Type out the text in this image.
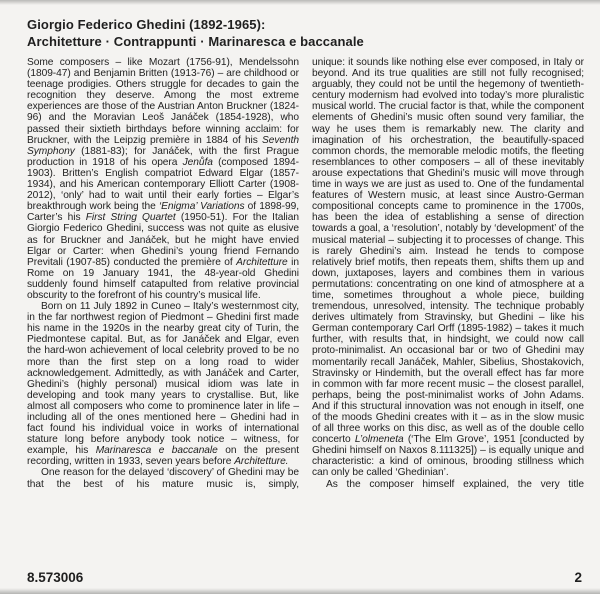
Giorgio Federico Ghedini (1892-1965):
Architetture · Contrappunti · Marinaresca e baccanale

Some composers – like Mozart (1756-91), Mendelssohn (1809-47) and Benjamin Britten (1913-76) – are childhood or teenage prodigies. Others struggle for decades to gain the recognition they deserve. Among the most extreme experiences are those of the Austrian Anton Bruckner (1824-96) and the Moravian Leoš Janáček (1854-1928), who passed their sixtieth birthdays before winning acclaim: for Bruckner, with the Leipzig première in 1884 of his Seventh Symphony (1881-83); for Janáček, with the first Prague production in 1918 of his opera Jenůfa (composed 1894-1903). Britten’s English compatriot Edward Elgar (1857-1934), and his American contemporary Elliott Carter (1908-2012), ‘only’ had to wait until their early forties – Elgar’s breakthrough work being the ‘Enigma’ Variations of 1898-99, Carter’s his First String Quartet (1950-51). For the Italian Giorgio Federico Ghedini, success was not quite as elusive as for Bruckner and Janáček, but he might have envied Elgar or Carter: when Ghedini’s young friend Fernando Previtali (1907-85) conducted the première of Architetture in Rome on 19 January 1941, the 48-year-old Ghedini suddenly found himself catapulted from relative provincial obscurity to the forefront of his country’s musical life.

Born on 11 July 1892 in Cuneo – Italy’s westernmost city, in the far northwest region of Piedmont – Ghedini first made his name in the 1920s in the nearby great city of Turin, the Piedmontese capital. But, as for Janáček and Elgar, even the hard-won achievement of local celebrity proved to be no more than the first step on a long road to wider acknowledgement. Admittedly, as with Janáček and Carter, Ghedini’s (highly personal) musical idiom was late in developing and took many years to crystallise. But, like almost all composers who come to prominence later in life – including all of the ones mentioned here – Ghedini had in fact found his individual voice in works of international stature long before anybody took notice – witness, for example, his Marinaresca e baccanale on the present recording, written in 1933, seven years before Architetture.

One reason for the delayed ‘discovery’ of Ghedini may be that the best of his mature music is, simply,

unique: it sounds like nothing else ever composed, in Italy or beyond. And its true qualities are still not fully recognised; arguably, they could not be until the hegemony of twentieth-century modernism had evolved into today’s more pluralistic musical world. The crucial factor is that, while the component elements of Ghedini’s music often sound very familiar, the way he uses them is remarkably new. The clarity and imagination of his orchestration, the beautifully-spaced common chords, the memorable melodic motifs, the fleeting resemblances to other composers – all of these inevitably arouse expectations that Ghedini’s music will move through time in ways we are just as used to. One of the fundamental features of Western music, at least since Austro-German compositional concepts came to prominence in the 1700s, has been the idea of establishing a sense of direction towards a goal, a ‘resolution’, notably by ‘development’ of the musical material – subjecting it to processes of change. This is rarely Ghedini’s aim. Instead he tends to compose relatively brief motifs, then repeats them, shifts them up and down, juxtaposes, layers and combines them in various permutations: concentrating on one kind of atmosphere at a time, sometimes throughout a whole piece, building tremendous, unresolved, intensity. The technique probably derives ultimately from Stravinsky, but Ghedini – like his German contemporary Carl Orff (1895-1982) – takes it much further, with results that, in hindsight, we could now call proto-minimalist. An occasional bar or two of Ghedini may momentarily recall Janáček, Mahler, Sibelius, Shostakovich, Stravinsky or Hindemith, but the overall effect has far more in common with far more recent music – the closest parallel, perhaps, being the post-minimalist works of John Adams. And if this structural innovation was not enough in itself, one of the moods Ghedini creates with it – as in the slow music of all three works on this disc, as well as of the double cello concerto L’olmeneta (‘The Elm Grove’, 1951 [conducted by Ghedini himself on Naxos 8.111325]) – is equally unique and characteristic: a kind of ominous, brooding stillness which can only be called ‘Ghedinian’.

As the composer himself explained, the very title

8.573006	2
